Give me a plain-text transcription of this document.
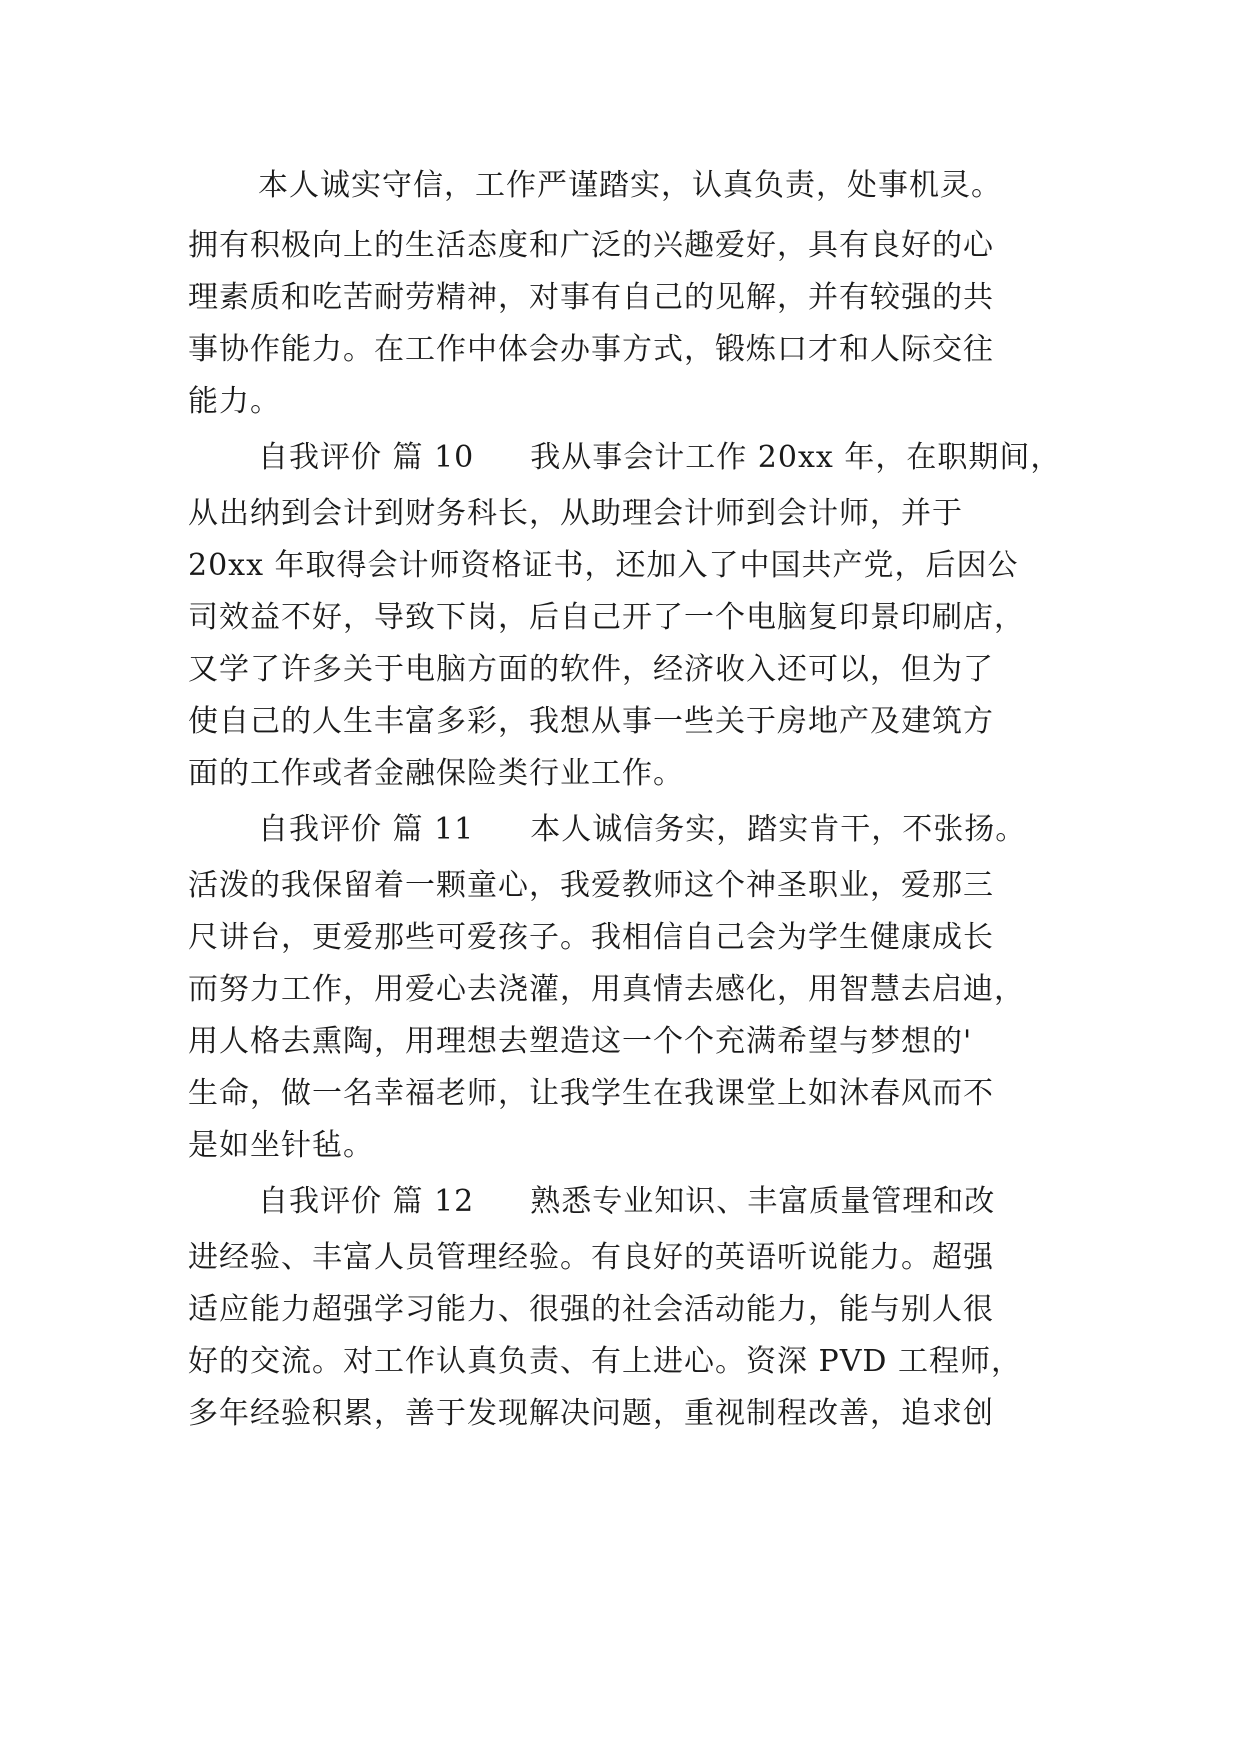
本人诚实守信，工作严谨踏实，认真负责，处事机灵。
拥有积极向上的生活态度和广泛的兴趣爱好，具有良好的心
理素质和吃苦耐劳精神，对事有自己的见解，并有较强的共
事协作能力。在工作中体会办事方式，锻炼口才和人际交往
能力。
自我评价 篇 10 我从事会计工作 20xx 年，在职期间，
从出纳到会计到财务科长，从助理会计师到会计师，并于
20xx 年取得会计师资格证书，还加入了中国共产党，后因公
司效益不好，导致下岗，后自己开了一个电脑复印景印刷店，
又学了许多关于电脑方面的软件，经济收入还可以，但为了
使自己的人生丰富多彩，我想从事一些关于房地产及建筑方
面的工作或者金融保险类行业工作。
自我评价 篇 11 本人诚信务实，踏实肯干，不张扬。
活泼的我保留着一颗童心，我爱教师这个神圣职业，爱那三
尺讲台，更爱那些可爱孩子。我相信自己会为学生健康成长
而努力工作，用爱心去浇灌，用真情去感化，用智慧去启迪，
用人格去熏陶，用理想去塑造这一个个充满希望与梦想的'
生命，做一名幸福老师，让我学生在我课堂上如沐春风而不
是如坐针毡。
自我评价 篇 12 熟悉专业知识、丰富质量管理和改
进经验、丰富人员管理经验。有良好的英语听说能力。超强
适应能力超强学习能力、很强的社会活动能力，能与别人很
好的交流。对工作认真负责、有上进心。资深 PVD 工程师，
多年经验积累，善于发现解决问题，重视制程改善，追求创
